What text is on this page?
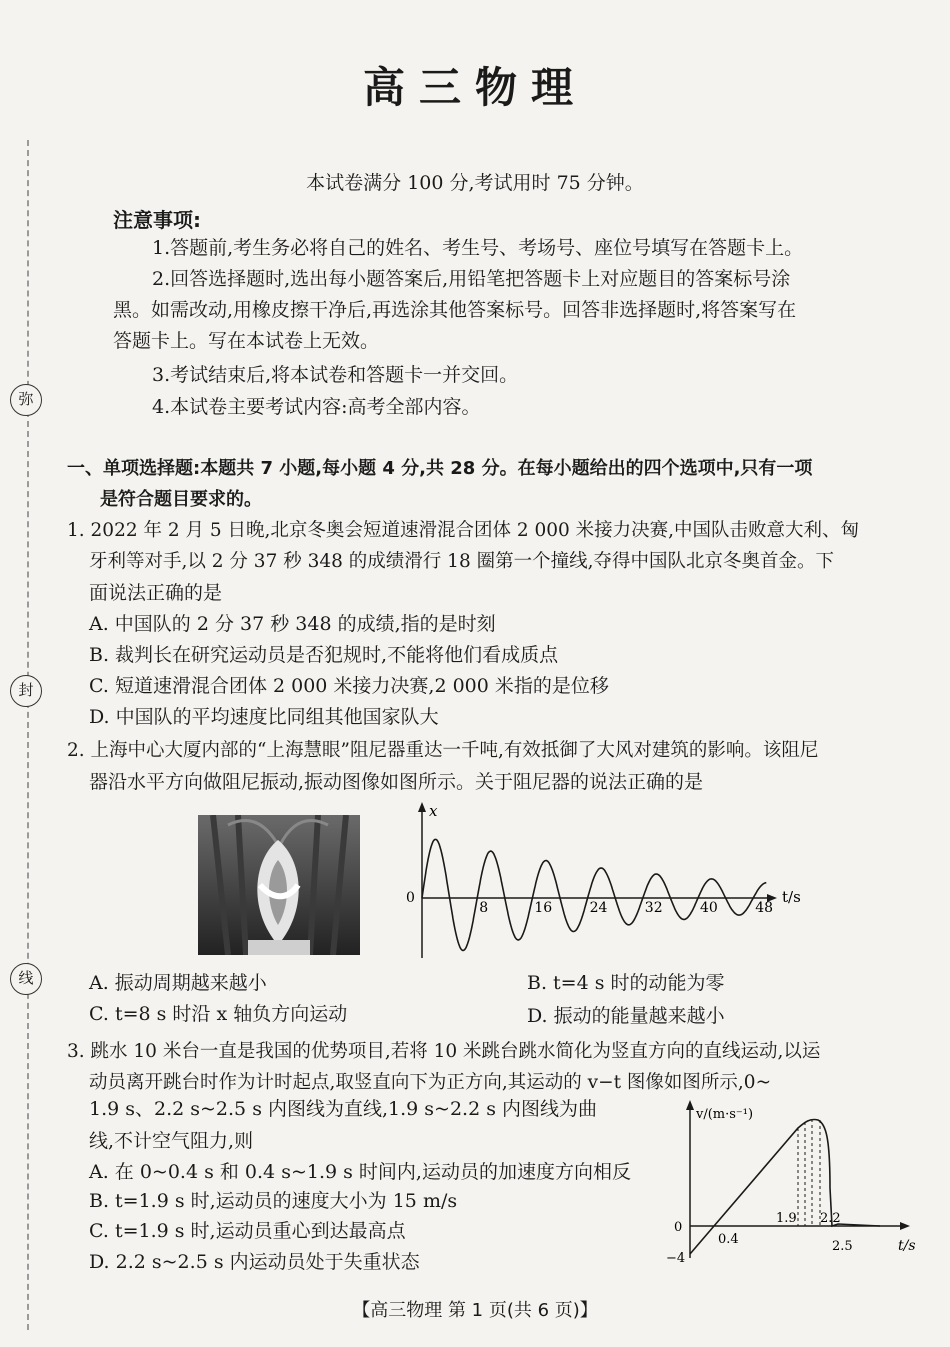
弥
封
线
高三物理
本试卷满分 100 分,考试用时 75 分钟。
注意事项:
1.答题前,考生务必将自己的姓名、考生号、考场号、座位号填写在答题卡上。
2.回答选择题时,选出每小题答案后,用铅笔把答题卡上对应题目的答案标号涂
黑。如需改动,用橡皮擦干净后,再选涂其他答案标号。回答非选择题时,将答案写在
答题卡上。写在本试卷上无效。
3.考试结束后,将本试卷和答题卡一并交回。
4.本试卷主要考试内容:高考全部内容。
一、单项选择题:本题共 7 小题,每小题 4 分,共 28 分。在每小题给出的四个选项中,只有一项
是符合题目要求的。
1. 2022 年 2 月 5 日晚,北京冬奥会短道速滑混合团体 2 000 米接力决赛,中国队击败意大利、匈
牙利等对手,以 2 分 37 秒 348 的成绩滑行 18 圈第一个撞线,夺得中国队北京冬奥首金。下
面说法正确的是
A. 中国队的 2 分 37 秒 348 的成绩,指的是时刻
B. 裁判长在研究运动员是否犯规时,不能将他们看成质点
C. 短道速滑混合团体 2 000 米接力决赛,2 000 米指的是位移
D. 中国队的平均速度比同组其他国家队大
2. 上海中心大厦内部的“上海慧眼”阻尼器重达一千吨,有效抵御了大风对建筑的影响。该阻尼
器沿水平方向做阻尼振动,振动图像如图所示。关于阻尼器的说法正确的是
x
t/s
0
8	16	24	32	40	48
A. 振动周期越来越小	B. t=4 s 时的动能为零
C. t=8 s 时沿 x 轴负方向运动	D. 振动的能量越来越小
3. 跳水 10 米台一直是我国的优势项目,若将 10 米跳台跳水简化为竖直方向的直线运动,以运
动员离开跳台时作为计时起点,取竖直向下为正方向,其运动的 v−t 图像如图所示,0~
1.9 s、2.2 s~2.5 s 内图线为直线,1.9 s~2.2 s 内图线为曲
线,不计空气阻力,则
A. 在 0~0.4 s 和 0.4 s~1.9 s 时间内,运动员的加速度方向相反
B. t=1.9 s 时,运动员的速度大小为 15 m/s
C. t=1.9 s 时,运动员重心到达最高点
D. 2.2 s~2.5 s 内运动员处于失重状态
v/(m·s⁻¹)
t/s
0
−4
0.4
1.9 2.2
2.5
【高三物理 第 1 页(共 6 页)】
